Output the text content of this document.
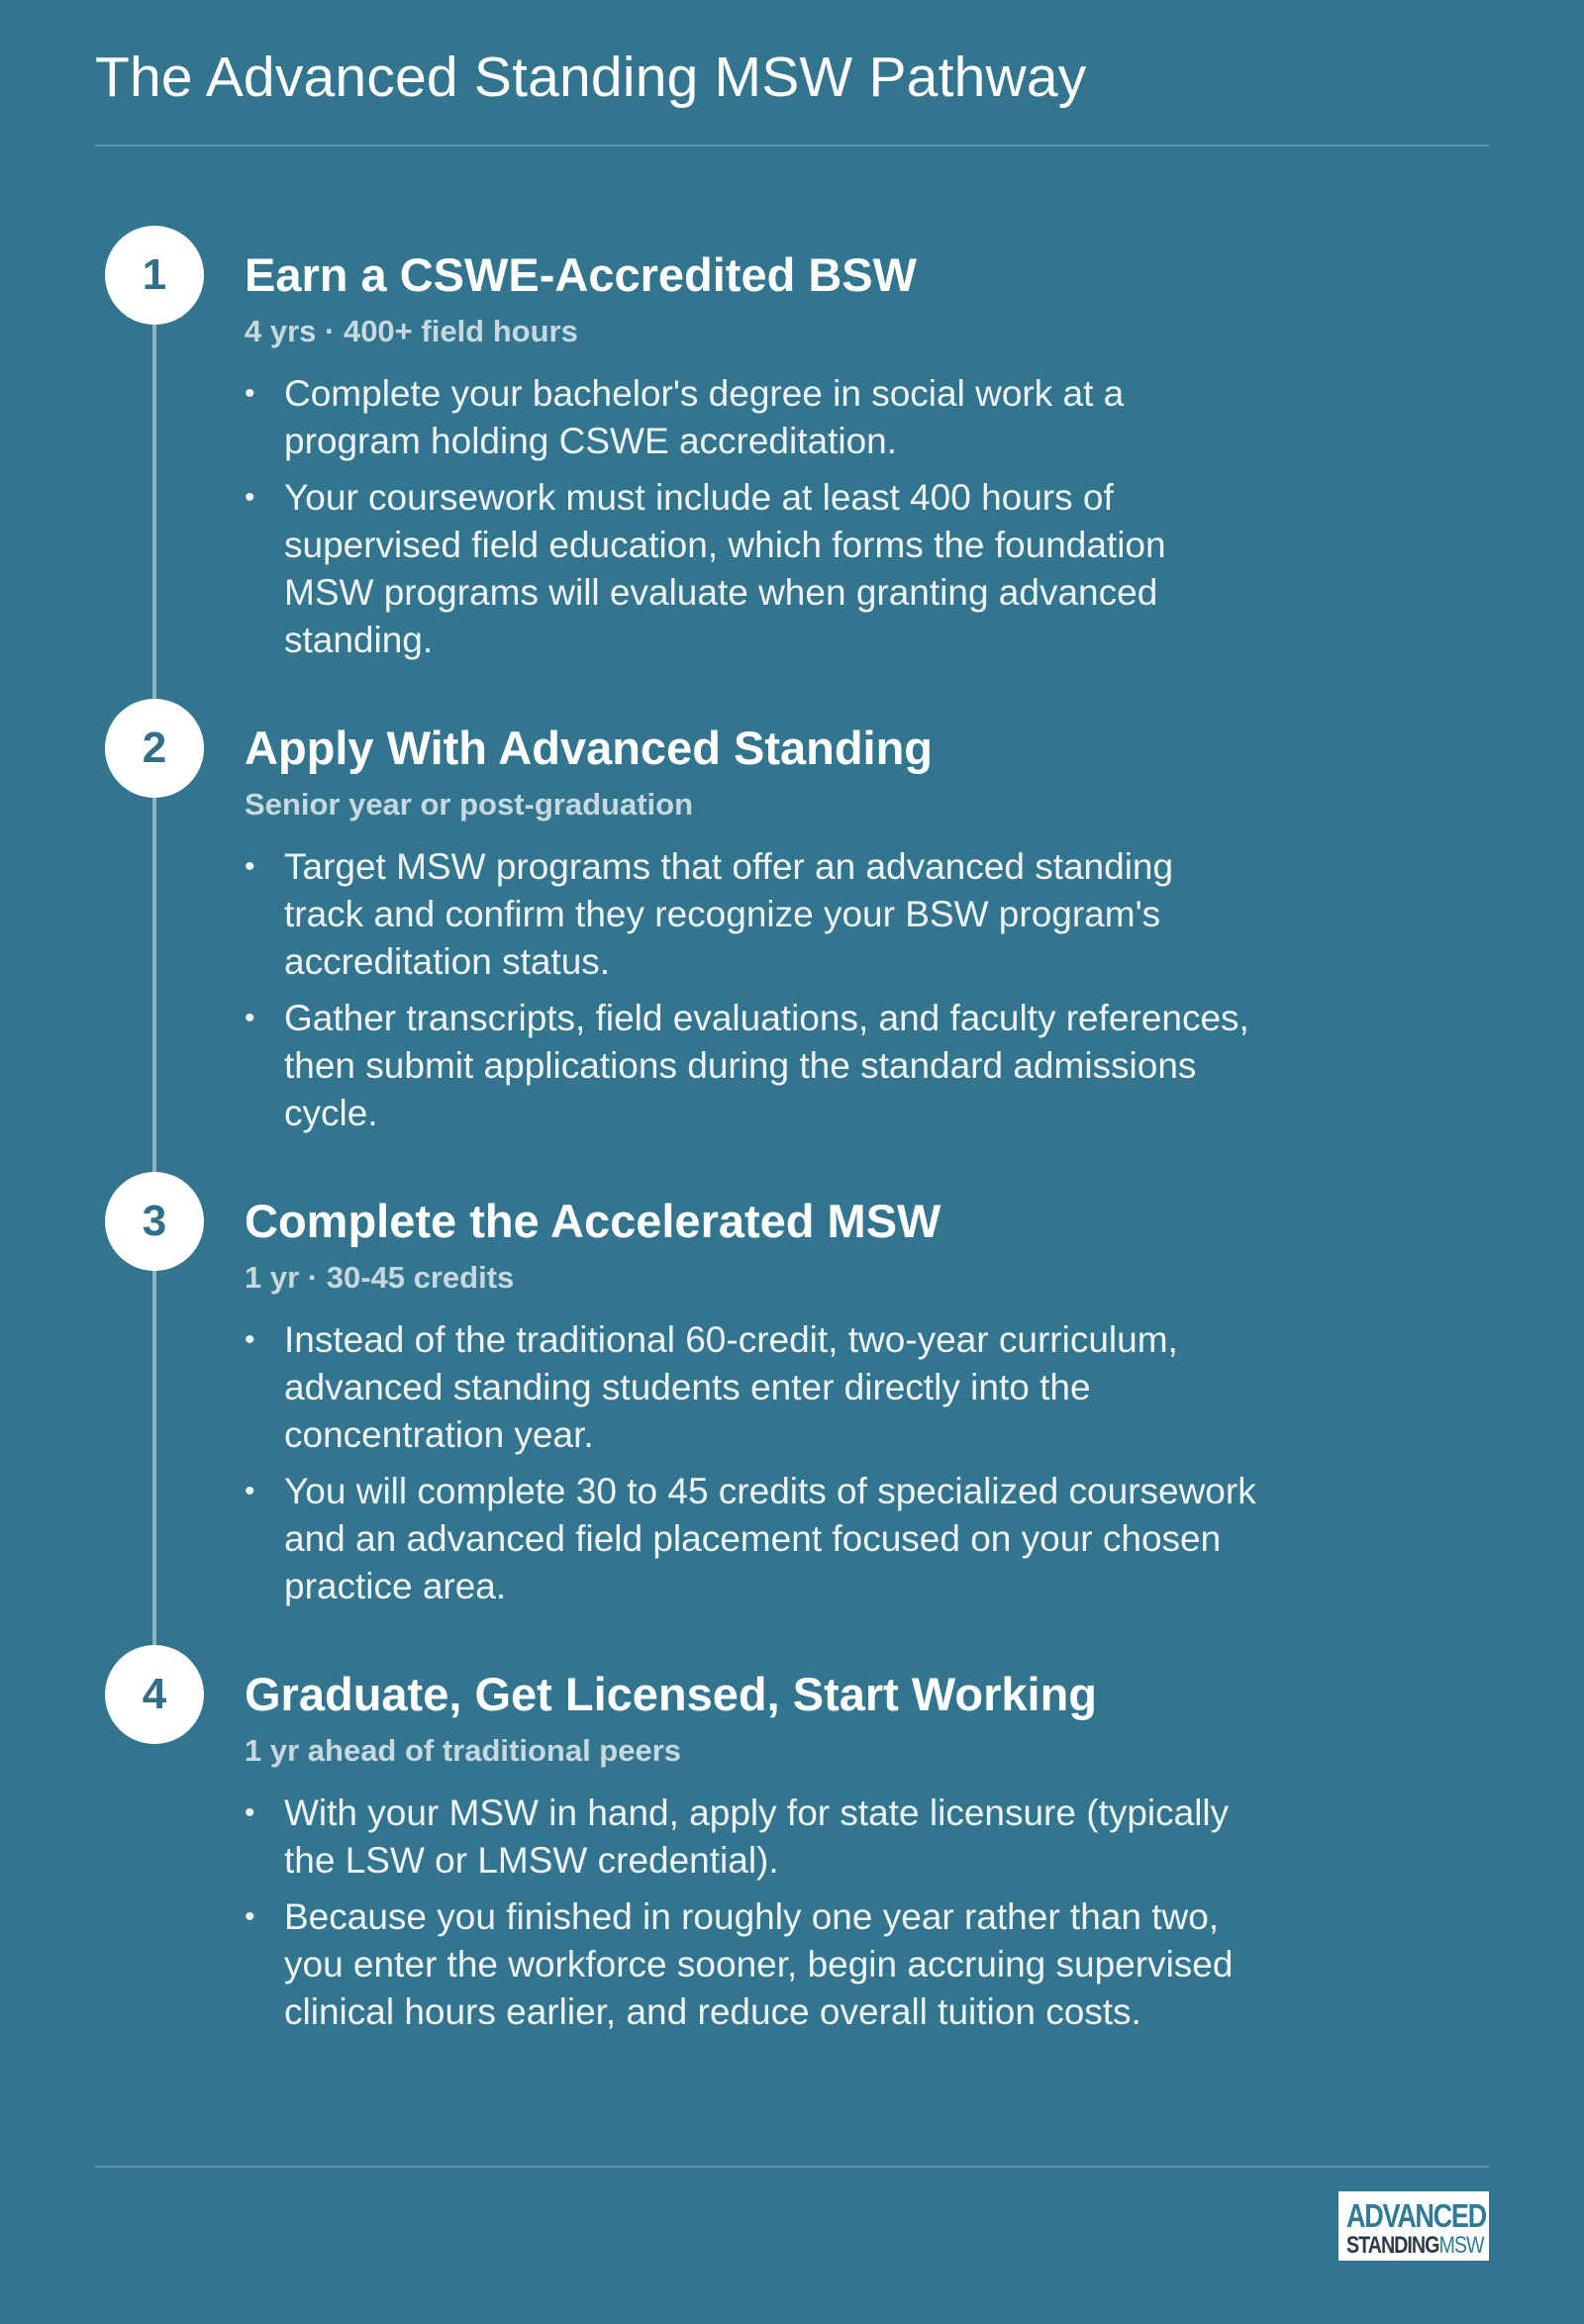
The Advanced Standing MSW Pathway
1	Earn a CSWE-Accredited BSW
4 yrs · 400+ field hours
• Complete your bachelor's degree in social work at a program holding CSWE accreditation.
• Your coursework must include at least 400 hours of supervised field education, which forms the foundation MSW programs will evaluate when granting advanced standing.
2	Apply With Advanced Standing
Senior year or post-graduation
• Target MSW programs that offer an advanced standing track and confirm they recognize your BSW program's accreditation status.
• Gather transcripts, field evaluations, and faculty references, then submit applications during the standard admissions cycle.
3	Complete the Accelerated MSW
1 yr · 30-45 credits
• Instead of the traditional 60-credit, two-year curriculum, advanced standing students enter directly into the concentration year.
• You will complete 30 to 45 credits of specialized coursework and an advanced field placement focused on your chosen practice area.
4	Graduate, Get Licensed, Start Working
1 yr ahead of traditional peers
• With your MSW in hand, apply for state licensure (typically the LSW or LMSW credential).
• Because you finished in roughly one year rather than two, you enter the workforce sooner, begin accruing supervised clinical hours earlier, and reduce overall tuition costs.
ADVANCED
STANDINGMSW
